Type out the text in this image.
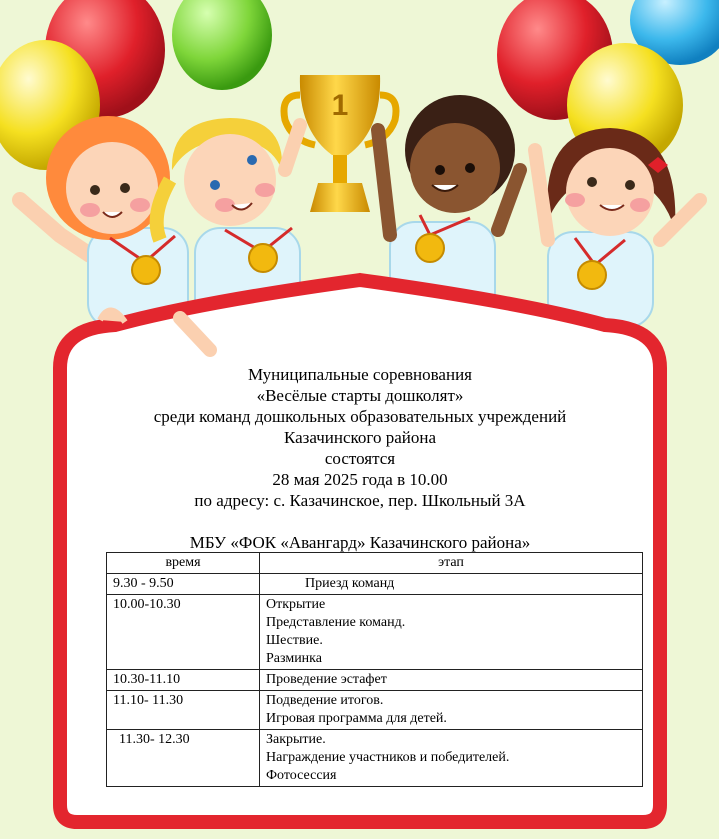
1
Муниципальные соревнования
«Весёлые старты дошколят»
среди команд дошкольных образовательных учреждений
Казачинского района
состоятся
28 мая 2025 года в 10.00
по адресу: с. Казачинское, пер. Школьный 3А
МБУ «ФОК «Авангард» Казачинского района»
время	этап
9.30 - 9.50	Приезд команд

10.00-10.30	Открытие
Представление команд.
Шествие.
Разминка

10.30-11.10	Проведение эстафет

11.10- 11.30	Подведение итогов.
Игровая программа для детей.

11.30- 12.30	Закрытие.
Награждение участников и победителей.
Фотосессия
